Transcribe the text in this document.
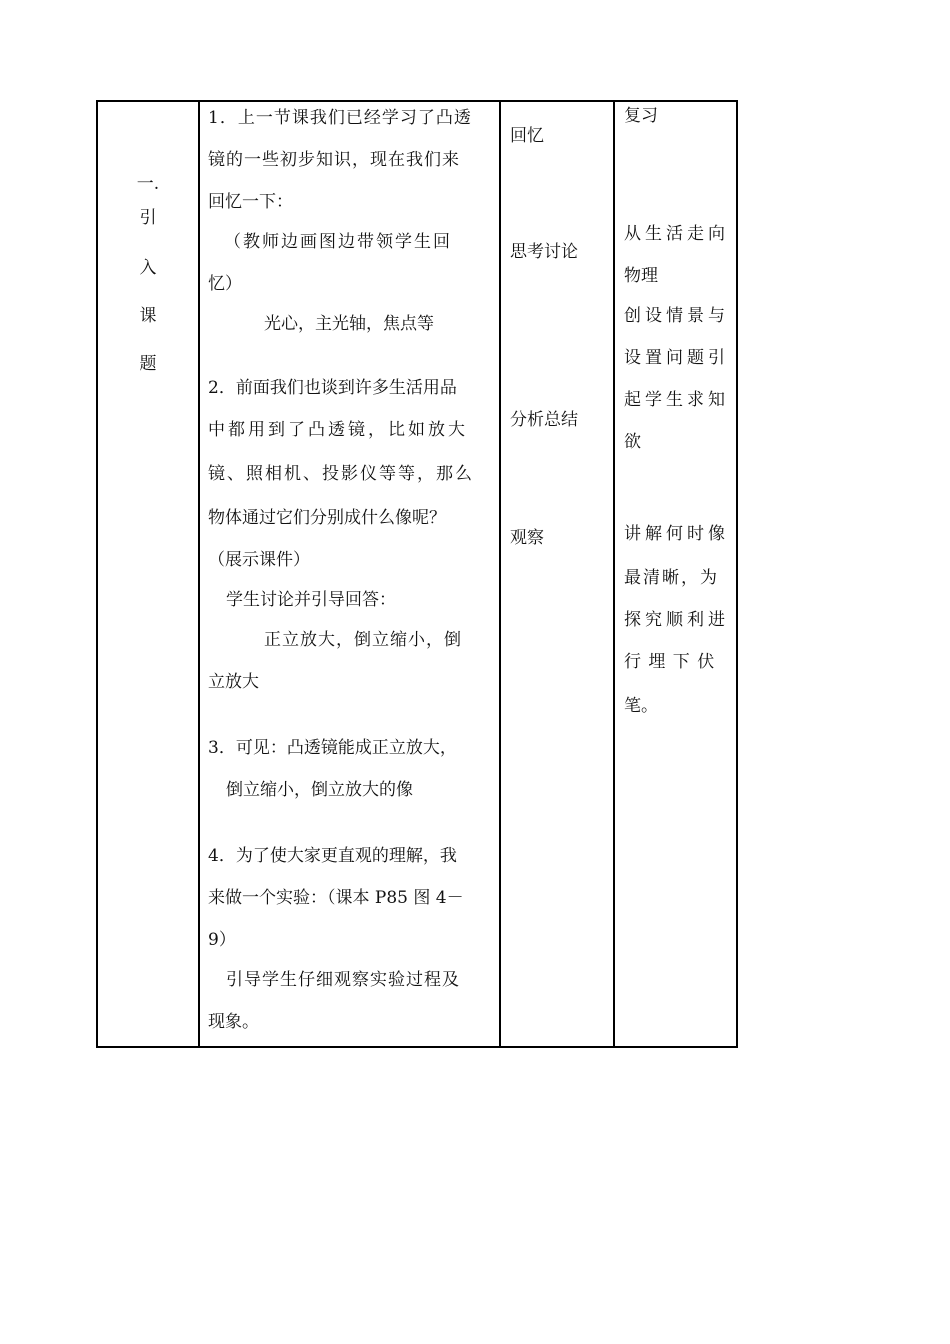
一.
引
入
课
题
1．上一节课我们已经学习了凸透
镜的一些初步知识，现在我们来
回忆一下：
（教师边画图边带领学生回
忆）
光心，主光轴，焦点等
2．前面我们也谈到许多生活用品
中都用到了凸透镜，比如放大
镜、照相机、投影仪等等，那么
物体通过它们分别成什么像呢？
（展示课件）
学生讨论并引导回答：
正立放大，倒立缩小，倒
立放大
3．可见：凸透镜能成正立放大，
倒立缩小，倒立放大的像
4．为了使大家更直观的理解，我
来做一个实验：（课本 P85 图 4－
9）
引导学生仔细观察实验过程及
现象。
回忆
思考讨论
分析总结
观察
复习
从生活走向
物理
创设情景与
设置问题引
起学生求知
欲
讲解何时像
最清晰，为
探究顺利进
行 埋 下 伏
笔。
